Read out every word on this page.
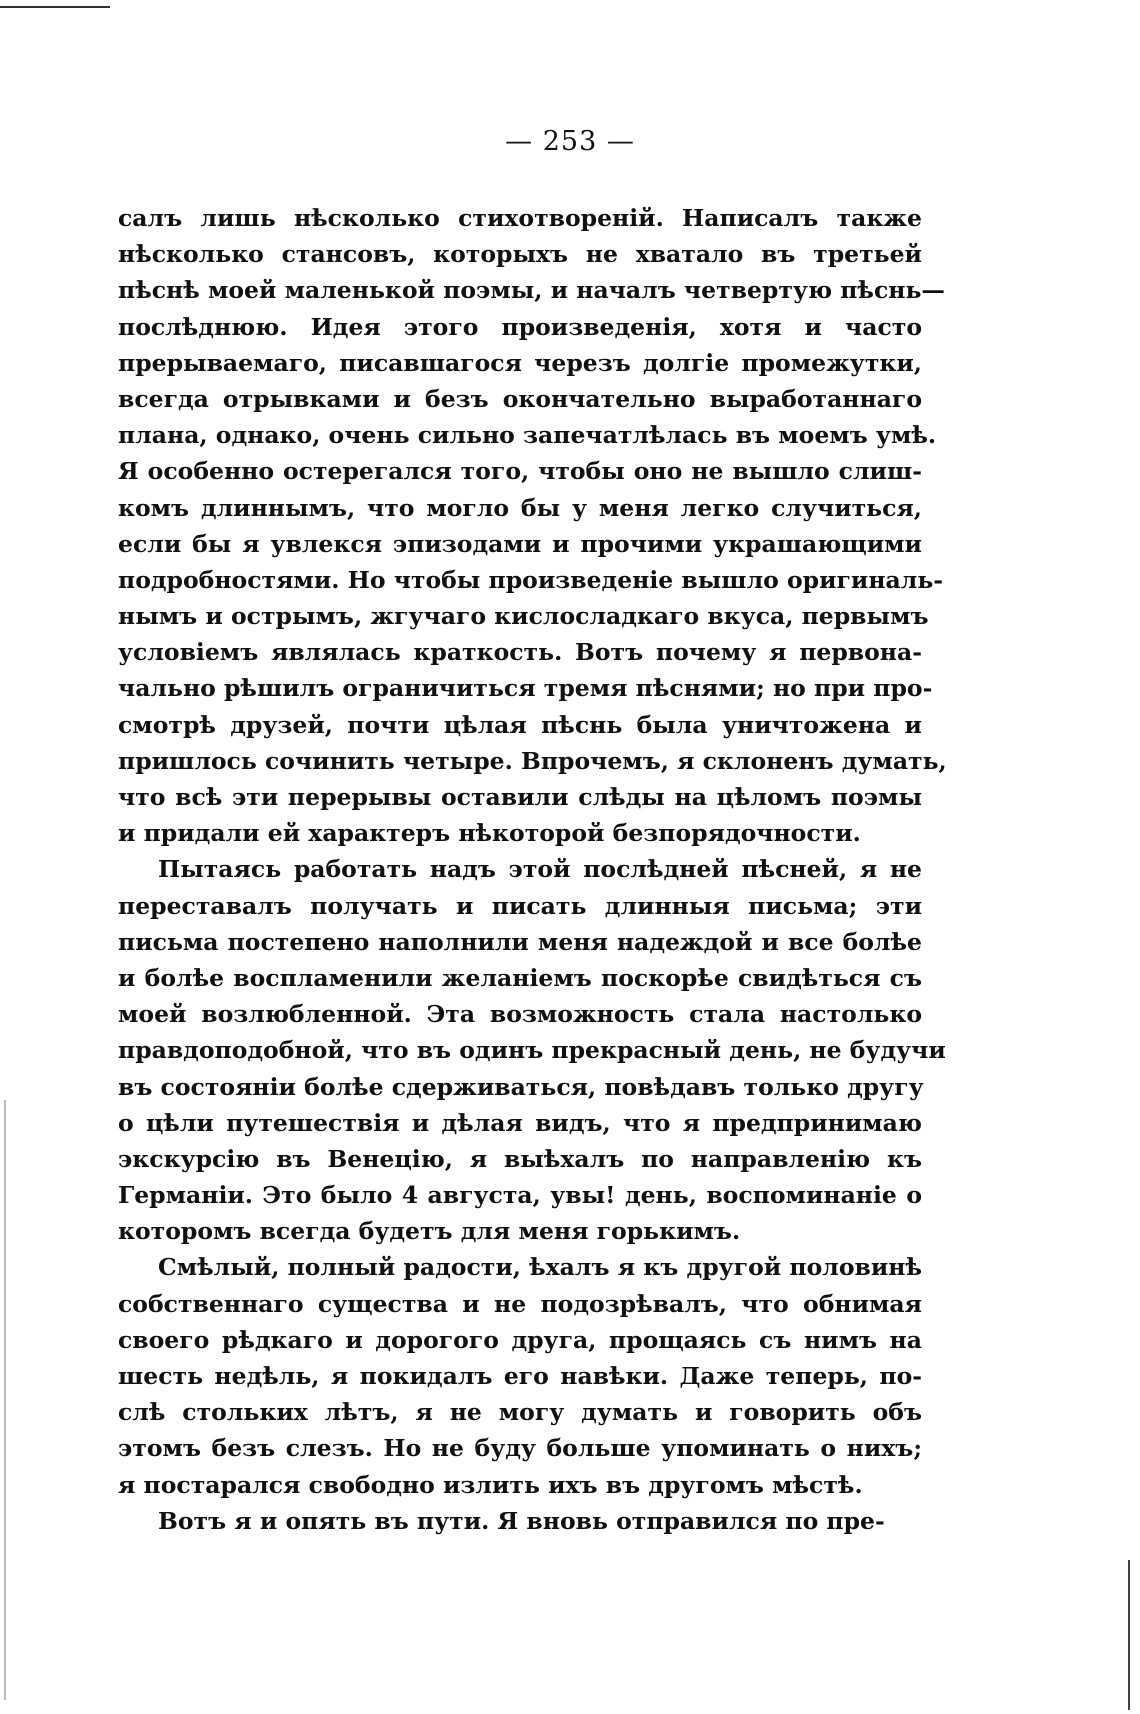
— 253 —
салъ лишь нѣсколько стихотвореній. Написалъ также
нѣсколько стансовъ, которыхъ не хватало въ третьей
пѣснѣ моей маленькой поэмы, и началъ четвертую пѣснь—
послѣднюю. Идея этого произведенія, хотя и часто
прерываемаго, писавшагося черезъ долгіе промежутки,
всегда отрывками и безъ окончательно выработаннаго
плана, однако, очень сильно запечатлѣлась въ моемъ умѣ.
Я особенно остерегался того, чтобы оно не вышло слиш-
комъ длиннымъ, что могло бы у меня легко случиться,
если бы я увлекся эпизодами и прочими украшающими
подробностями. Но чтобы произведеніе вышло оригиналь-
нымъ и острымъ, жгучаго кислосладкаго вкуса, первымъ
условіемъ являлась краткость. Вотъ почему я первона-
чально рѣшилъ ограничиться тремя пѣснями; но при про-
смотрѣ друзей, почти цѣлая пѣснь была уничтожена и
пришлось сочинить четыре. Впрочемъ, я склоненъ думать,
что всѣ эти перерывы оставили слѣды на цѣломъ поэмы
и придали ей характеръ нѣкоторой безпорядочности.
Пытаясь работать надъ этой послѣдней пѣсней, я не
переставалъ получать и писать длинныя письма; эти
письма постепено наполнили меня надеждой и все болѣе
и болѣе воспламенили желаніемъ поскорѣе свидѣться съ
моей возлюбленной. Эта возможность стала настолько
правдоподобной, что въ одинъ прекрасный день, не будучи
въ состояніи болѣе сдерживаться, повѣдавъ только другу
о цѣли путешествія и дѣлая видъ, что я предпринимаю
экскурсію въ Венецію, я выѣхалъ по направленію къ
Германіи. Это было 4 августа, увы! день, воспоминаніе о
которомъ всегда будетъ для меня горькимъ.
Смѣлый, полный радости, ѣхалъ я къ другой половинѣ
собственнаго существа и не подозрѣвалъ, что обнимая
своего рѣдкаго и дорогого друга, прощаясь съ нимъ на
шесть недѣль, я покидалъ его навѣки. Даже теперь, по-
слѣ стольких лѣтъ, я не могу думать и говорить объ
этомъ безъ слезъ. Но не буду больше упоминать о нихъ;
я постарался свободно излить ихъ въ другомъ мѣстѣ.
Вотъ я и опять въ пути. Я вновь отправился по пре-
